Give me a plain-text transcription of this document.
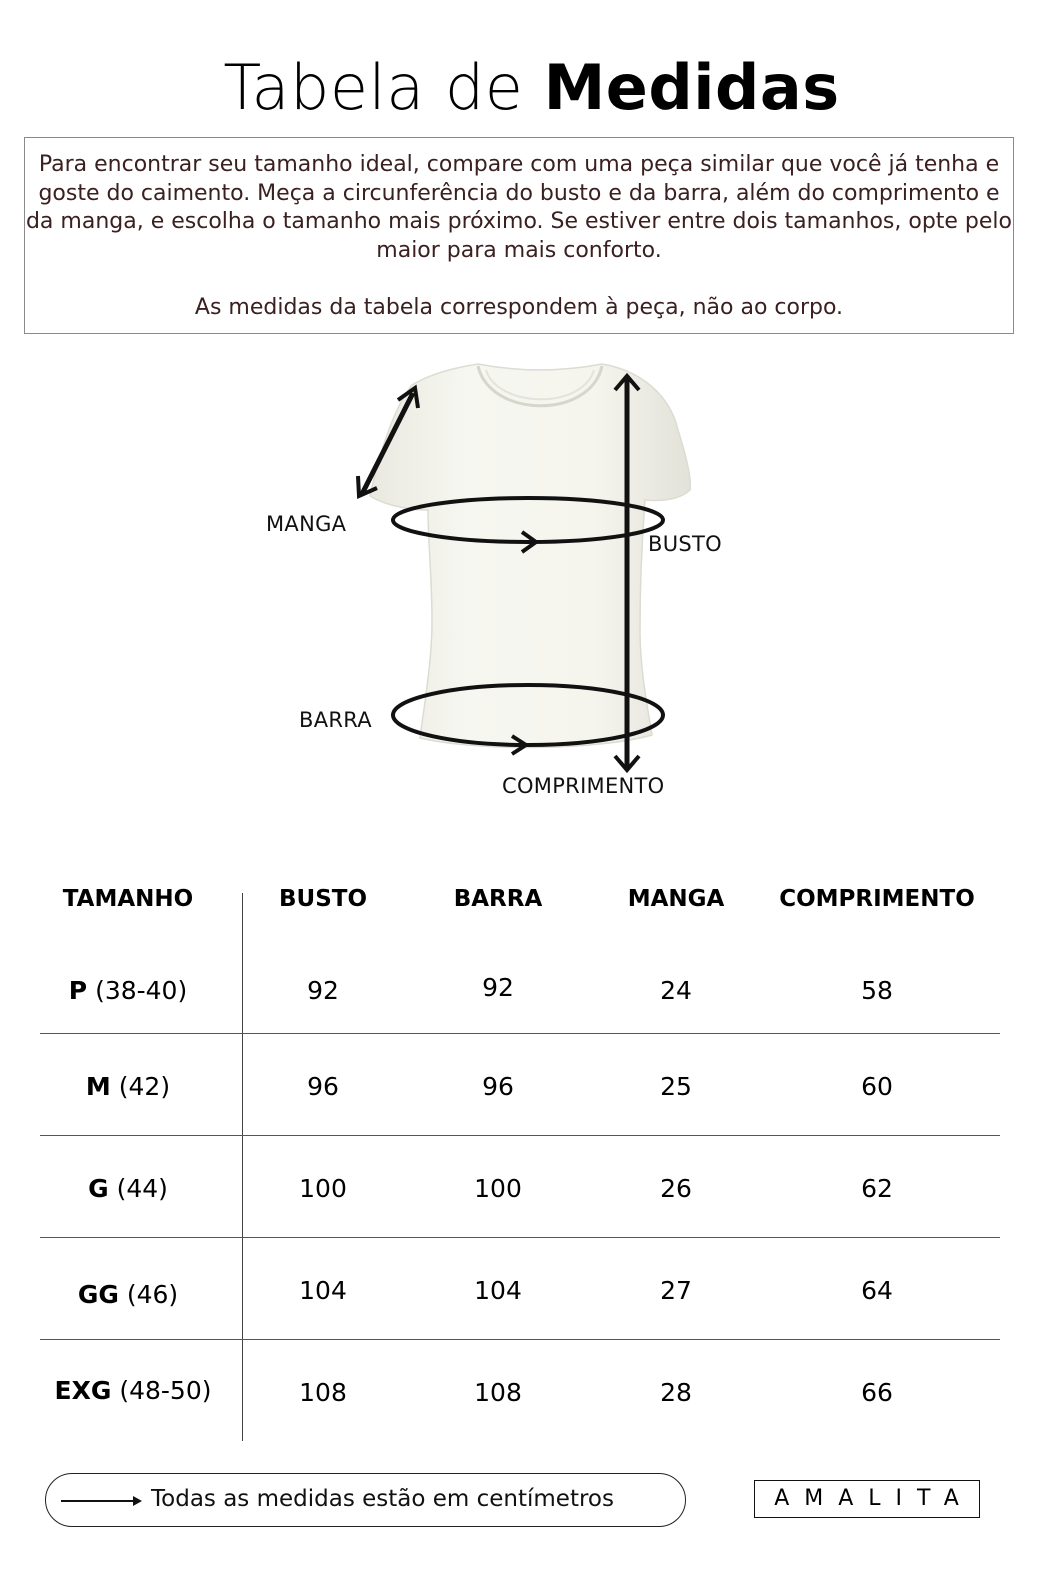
Tabela de Medidas

Para encontrar seu tamanho ideal, compare com uma peça similar que você já tenha e goste do caimento. Meça a circunferência do busto e da barra, além do comprimento e da manga, e escolha o tamanho mais próximo. Se estiver entre dois tamanhos, opte pelo maior para mais conforto.

As medidas da tabela correspondem à peça, não ao corpo.

MANGA
BUSTO
BARRA
COMPRIMENTO
TAMANHO	BUSTO	BARRA	MANGA	COMPRIMENTO
P (38-40)	92	92	24	58
M (42)	96	96	25	60
G (44)	100	100	26	62
GG (46)	104	104	27	64
EXG (48-50)	108	108	28	66
Todas as medidas estão em centímetros	AMALITA
